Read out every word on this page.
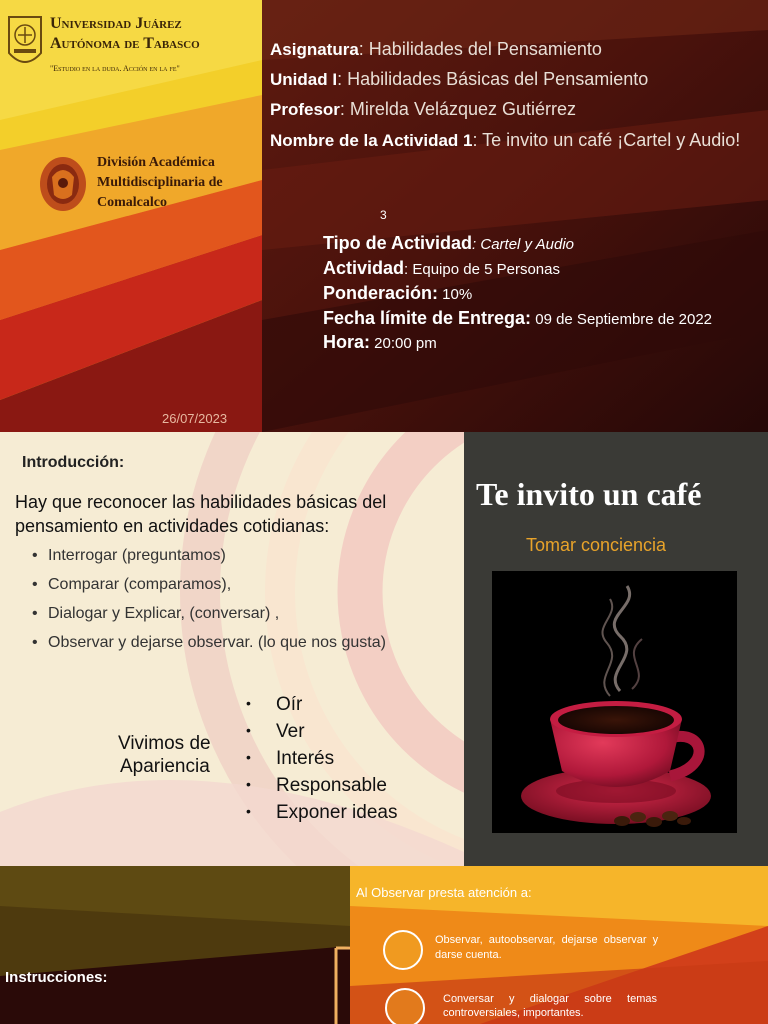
Universidad Juárez
Autónoma de Tabasco
"Estudio en la duda. Acción en la fe"
División Académica
Multidisciplinaria de
Comalcalco
Asignatura: Habilidades del Pensamiento
Unidad I: Habilidades Básicas del Pensamiento
Profesor: Mirelda Velázquez Gutiérrez
Nombre de la Actividad 1: Te invito un café ¡Cartel y Audio!
3
Tipo de Actividad: Cartel y Audio
Actividad: Equipo de 5 Personas
Ponderación: 10%
Fecha límite de Entrega: 09 de Septiembre de 2022
Hora: 20:00 pm
26/07/2023
Introducción:
Hay que reconocer las habilidades básicas del
pensamiento en actividades cotidianas:
• Interrogar (preguntamos)
• Comparar (comparamos),
• Dialogar y Explicar, (conversar) ,
• Observar y dejarse observar. (lo que nos gusta)
Vivimos de
Apariencia
• Oír
• Ver
• Interés
• Responsable
• Exponer ideas
Te invito un café
Tomar conciencia
Instrucciones:
Al Observar presta atención a:
Observar,  autoobservar,  dejarse  observar  y
darse cuenta.
Conversar     y     dialogar     sobre     temas
controversiales, importantes.
